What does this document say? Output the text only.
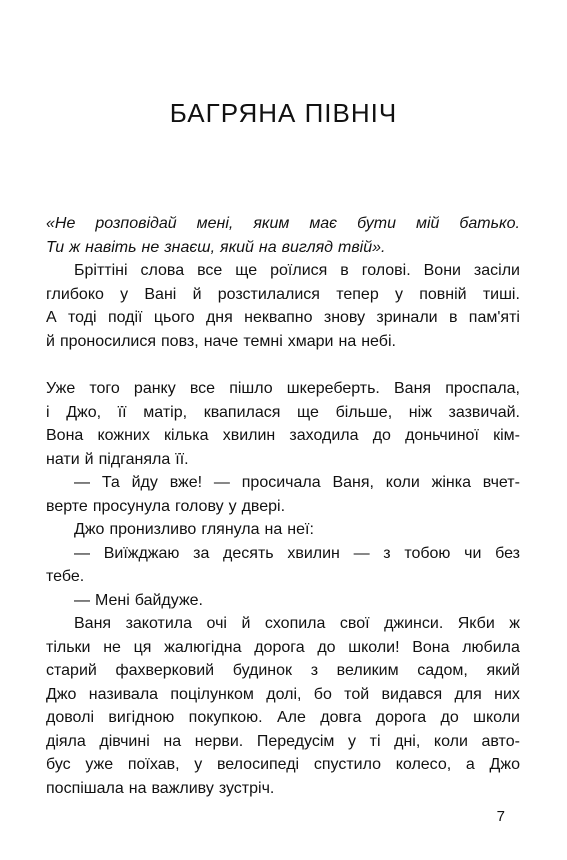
БАГРЯНА ПІВНІЧ
«Не розповідай мені, яким має бути мій батько.
Ти ж навіть не знаєш, який на вигляд твій».
Бріттіні слова все ще роїлися в голові. Вони засіли
глибоко у Вані й розстилалися тепер у повній тиші.
А тоді події цього дня неквапно знову зринали в пам'яті
й проносилися повз, наче темні хмари на небі.
Уже того ранку все пішло шкереберть. Ваня проспала,
і Джо, її матір, квапилася ще більше, ніж зазвичай.
Вона кожних кілька хвилин заходила до доньчиної кім-
нати й підганяла її.
— Та йду вже! — просичала Ваня, коли жінка вчет-
верте просунула голову у двері.
Джо пронизливо глянула на неї:
— Виїжджаю за десять хвилин — з тобою чи без
тебе.
— Мені байдуже.
Ваня закотила очі й схопила свої джинси. Якби ж
тільки не ця жалюгідна дорога до школи! Вона любила
старий фахверковий будинок з великим садом, який
Джо називала поцілунком долі, бо той видався для них
доволі вигідною покупкою. Але довга дорога до школи
діяла дівчині на нерви. Передусім у ті дні, коли авто-
бус уже поїхав, у велосипеді спустило колесо, а Джо
поспішала на важливу зустріч.
7
